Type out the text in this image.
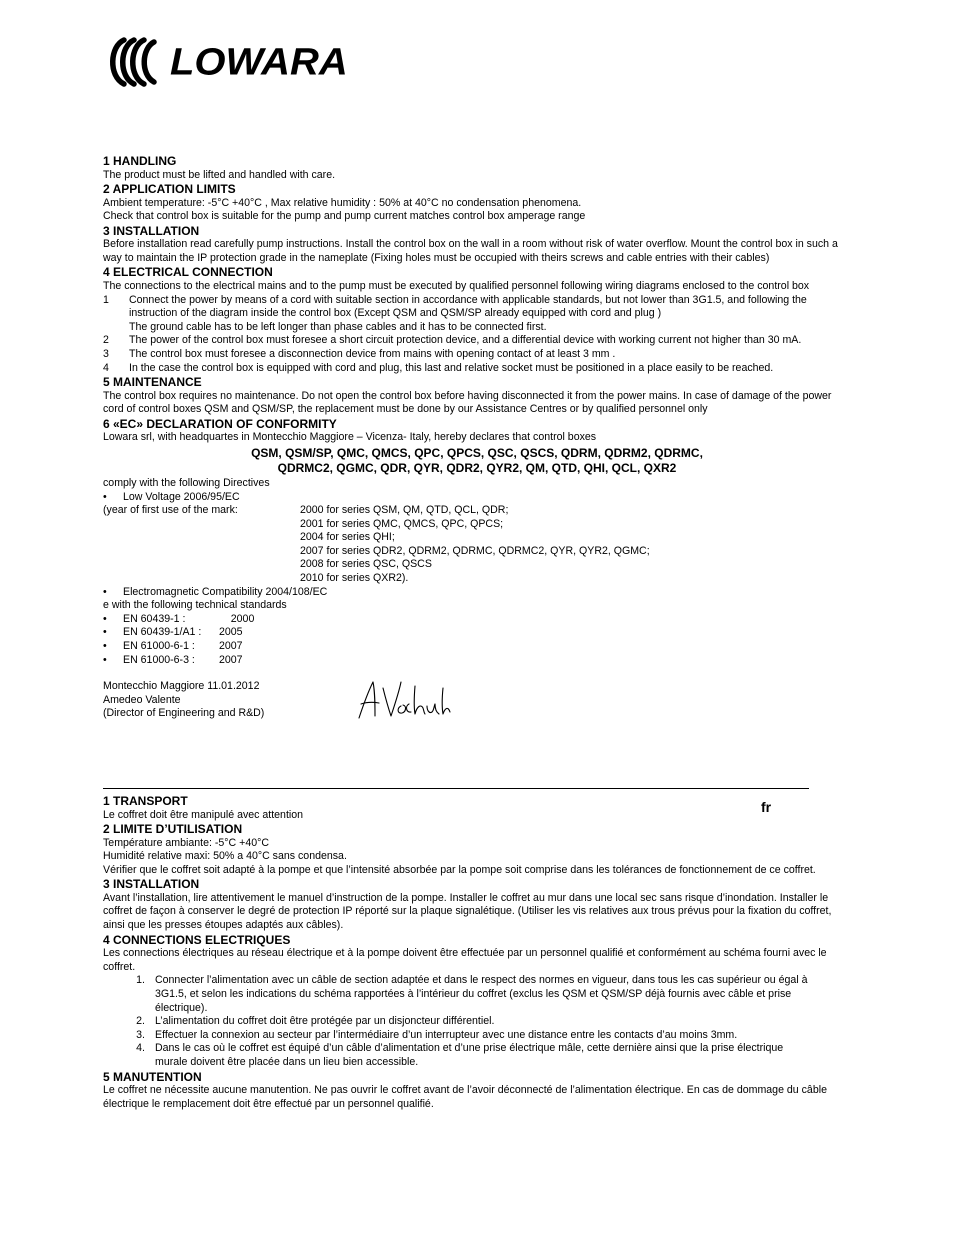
LOWARA
1 HANDLING

The product must be lifted and handled with care.

2 APPLICATION LIMITS

Ambient temperature: -5°C +40°C , Max relative humidity : 50% at 40°C no condensation phenomena.

Check that control box is suitable for the pump and pump current matches control box amperage range

3 INSTALLATION

Before installation read carefully pump instructions. Install the control box on the wall in a room without risk of water overflow. Mount the control box in such a way to maintain the IP protection grade in the nameplate (Fixing holes must be occupied with theirs screws and cable entries with their cables)

4 ELECTRICAL CONNECTION

The connections to the electrical mains and to the pump must be executed by qualified personnel following wiring diagrams enclosed to the control box

1	Connect the power by means of a cord with suitable section in accordance with applicable standards, but not lower than 3G1.5, and following the instruction of the diagram inside the control box (Except QSM and QSM/SP already equipped with cord and plug )
The ground cable has to be left longer than phase cables and it has to be connected first.
2	The power of the control box must foresee a short circuit protection device, and a differential device with working current not higher than 30 mA.
3	The control box must foresee a disconnection device from mains with opening contact of at least 3 mm .
4	In the case the control box is equipped with cord and plug, this last and relative socket must be positioned in a place easily to be reached.
5 MAINTENANCE

The control box requires no maintenance. Do not open the control box before having disconnected it from the power mains. In case of damage of the power cord of control boxes QSM and QSM/SP, the replacement must be done by our Assistance Centres or by qualified personnel only

6 «EC» DECLARATION OF CONFORMITY

Lowara srl, with headquartes in Montecchio Maggiore – Vicenza- Italy, hereby declares that control boxes

QSM, QSM/SP, QMC, QMCS, QPC, QPCS, QSC, QSCS, QDRM, QDRM2, QDRMC,
QDRMC2, QGMC, QDR, QYR, QDR2, QYR2, QM, QTD, QHI, QCL, QXR2

comply with the following Directives

•	Low Voltage 2006/95/EC
(year of first use of the mark:	2000 for series QSM, QM, QTD, QCL, QDR;
2001 for series QMC, QMCS, QPC, QPCS;
2004 for series QHI;
2007 for series QDR2, QDRM2, QDRMC, QDRMC2, QYR, QYR2, QGMC;
2008 for series QSC, QSCS
2010 for series QXR2).
•	Electromagnetic Compatibility 2004/108/EC

e with the following technical standards

•	EN 60439-1 :	2000
•	EN 60439-1/A1 :	2005
•	EN 61000-6-1 :	2007
•	EN 61000-6-3 :	2007
Montecchio Maggiore 11.01.2012
Amedeo Valente
(Director of Engineering and R&D)
fr
1 TRANSPORT

Le coffret doit être manipulé avec attention

2 LIMITE D’UTILISATION

Température ambiante: -5°C +40°C

Humidité relative maxi: 50% a 40°C sans condensa.

Vérifier que le coffret soit adapté à la pompe et que l’intensité absorbée par la pompe soit comprise dans les tolérances de fonctionnement de ce coffret.

3 INSTALLATION

Avant l’installation, lire attentivement le manuel d’instruction de la pompe. Installer le coffret au mur dans une local sec sans risque d’inondation. Installer le coffret de façon à conserver le degré de protection IP réporté sur la plaque signalétique. (Utiliser les vis relatives aux trous prévus pour la fixation du coffret, ainsi que les presses étoupes adaptés aux câbles).

4 CONNECTIONS ELECTRIQUES

Les connections électriques au réseau électrique et à la pompe doivent être effectuée par un personnel qualifié et conformément au schéma fourni avec le coffret.

1. Connecter l’alimentation avec un câble de section adaptée et dans le respect des normes en vigueur, dans tous les cas supérieur ou égal à 3G1.5, et selon les indications du schéma rapportées à l’intérieur du coffret (exclus les QSM et QSM/SP déjà fournis avec câble et prise électrique).
2. L’alimentation du coffret doit être protégée par un disjoncteur différentiel.
3. Effectuer la connexion au secteur par l’intermédiaire d’un interrupteur avec une distance entre les contacts d’au moins 3mm.
4. Dans le cas où le coffret est équipé d’un câble d’alimentation et d’une prise électrique mâle, cette dernière ainsi que la prise électrique murale doivent être placée dans un lieu bien accessible.
5 MANUTENTION

Le coffret ne nécessite aucune manutention. Ne pas ouvrir le coffret avant de l’avoir déconnecté de l’alimentation électrique. En cas de dommage du câble électrique le remplacement doit être effectué par un personnel qualifié.
